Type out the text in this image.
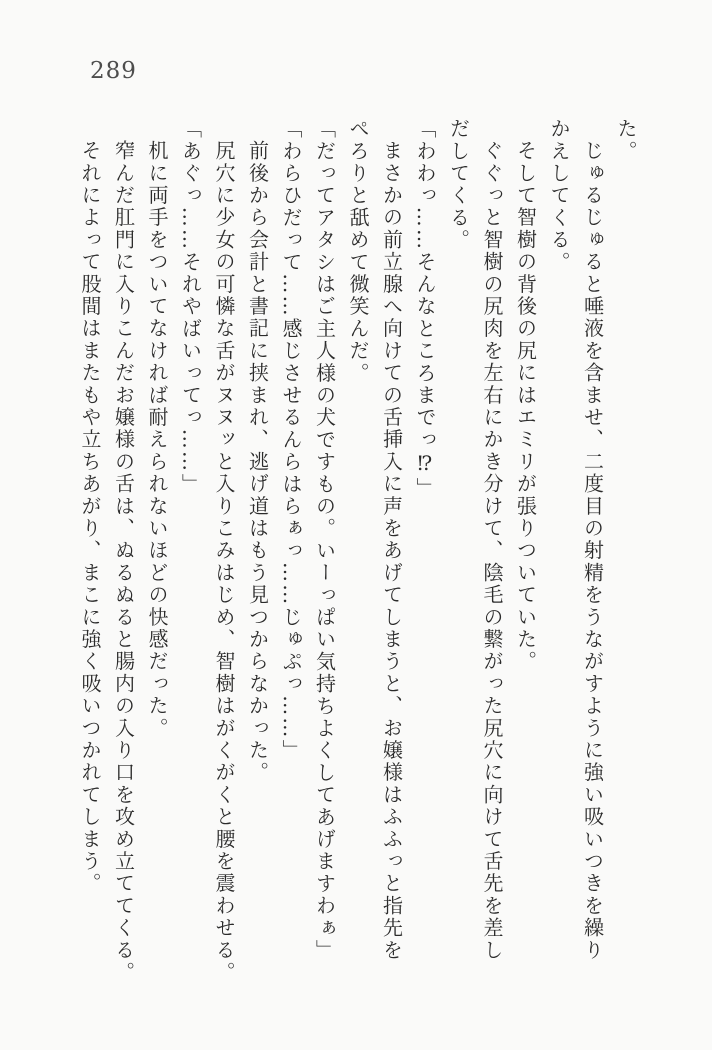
289

た。

じゅるじゅると唾液を含ませ、二度目の射精をうながすように強い吸いつきを繰り

かえしてくる。

そして智樹の背後の尻にはエミリが張りついていた。

ぐぐっと智樹の尻肉を左右にかき分けて、陰毛の繋がった尻穴に向けて舌先を差し

だしてくる。

「わわっ……そんなところまでっ⁉」

まさかの前立腺へ向けての舌挿入に声をあげてしまうと、お嬢様はふふっと指先を

ぺろりと舐めて微笑んだ。

「だってアタシはご主人様の犬ですもの。いーっぱい気持ちよくしてあげますわぁ」

「わらひだって……感じさせるんらはらぁっ……じゅぷっ……」

前後から会計と書記に挟まれ、逃げ道はもう見つからなかった。

尻穴に少女の可憐な舌がヌヌッと入りこみはじめ、智樹はがくがくと腰を震わせる。

「あぐっ……それやばいってっ……」

机に両手をついてなければ耐えられないほどの快感だった。

窄んだ肛門に入りこんだお嬢様の舌は、ぬるぬると腸内の入り口を攻め立ててくる。

それによって股間はまたもや立ちあがり、まこに強く吸いつかれてしまう。
